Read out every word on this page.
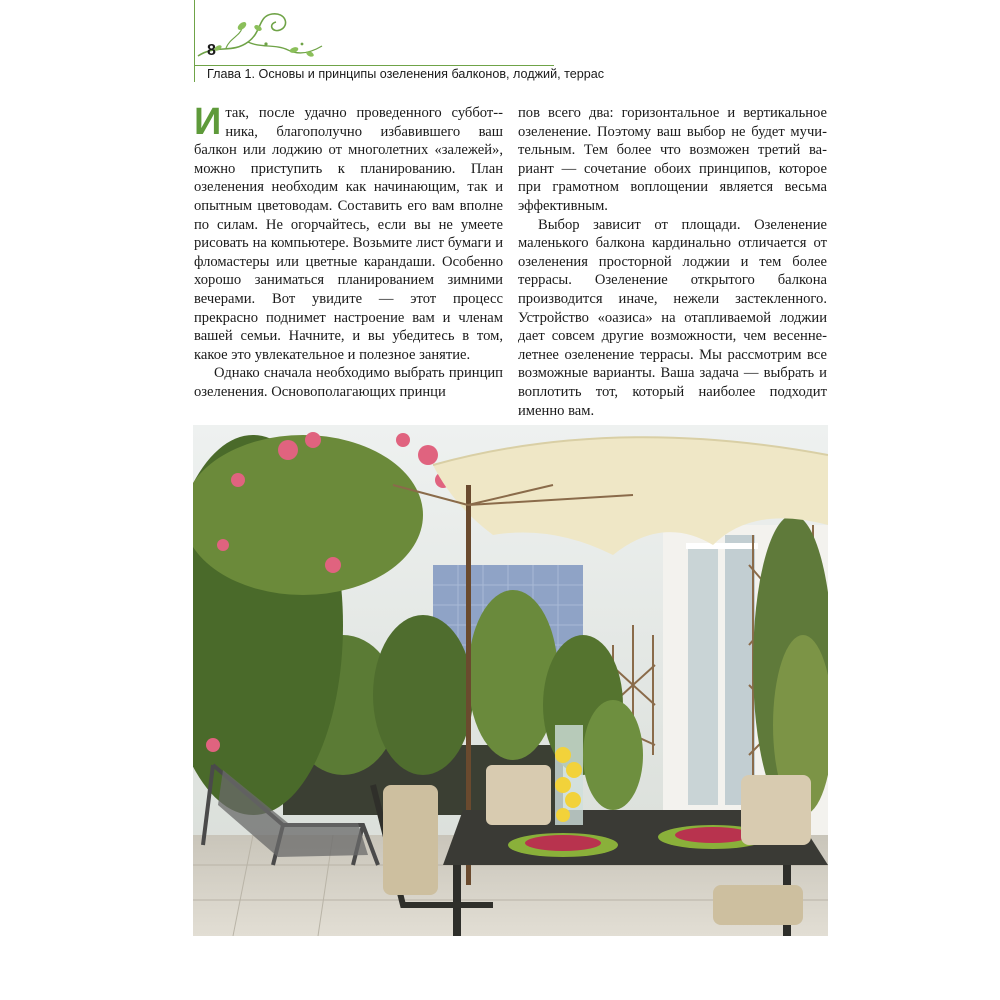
8
Глава 1. Основы и принципы озеленения балконов, лоджий, террас

Итак, после удачно проведенного суббот-ника, благополучно избавившего ваш балкон или лоджию от многолетних «залежей», можно приступить к планированию. План озеленения необходим как начинающим, так и опытным цветоводам. Составить его вам вполне по силам. Не огорчайтесь, если вы не умеете рисовать на компьютере. Возьмите лист бумаги и фломастеры или цветные карандаши. Особенно хорошо заниматься планированием зимними вечерами. Вот увидите — этот процесс прекрасно поднимет настроение вам и членам вашей семьи. Начните, и вы убедитесь в том, какое это увлекательное и полезное занятие.

Однако сначала необходимо выбрать принцип озеленения. Основополагающих принци

пов всего два: горизонтальное и вертикальное озеленение. Поэтому ваш выбор не будет мучительным. Тем более что возможен третий вариант — сочетание обоих принципов, которое при грамотном воплощении является весьма эффективным.

Выбор зависит от площади. Озеленение маленького балкона кардинально отличается от озеленения просторной лоджии и тем более террасы. Озеленение открытого балкона производится иначе, нежели застекленного. Устройство «оазиса» на отапливаемой лоджии дает совсем другие возможности, чем весеннелетнее озеленение террасы. Мы рассмотрим все возможные варианты. Ваша задача — выбрать и воплотить тот, который наиболее подходит именно вам.
